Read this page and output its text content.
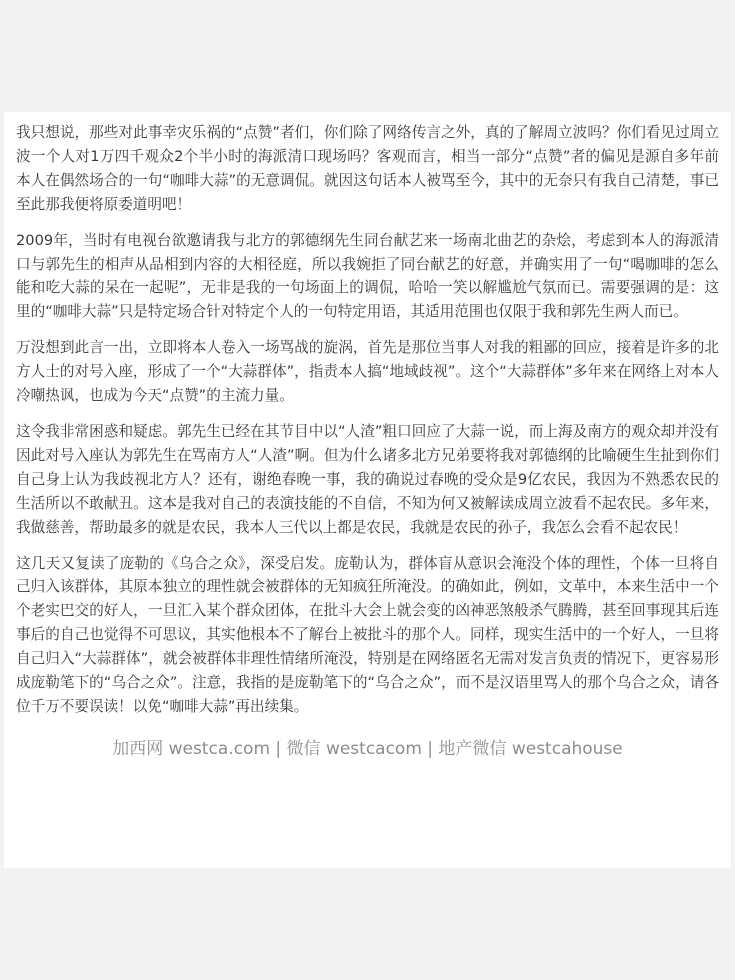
我只想说，那些对此事幸灾乐祸的“点赞”者们，你们除了网络传言之外，真的了解周立波吗？你们看见过周立波一个人对1万四千观众2个半小时的海派清口现场吗？客观而言，相当一部分“点赞”者的偏见是源自多年前本人在偶然场合的一句“咖啡大蒜”的无意调侃。就因这句话本人被骂至今，其中的无奈只有我自己清楚，事已至此那我便将原委道明吧！

2009年，当时有电视台欲邀请我与北方的郭德纲先生同台献艺来一场南北曲艺的杂烩，考虑到本人的海派清口与郭先生的相声从品相到内容的大相径庭，所以我婉拒了同台献艺的好意，并确实用了一句“喝咖啡的怎么能和吃大蒜的呆在一起呢”，无非是我的一句场面上的调侃，哈哈一笑以解尴尬气氛而已。需要强调的是：这里的“咖啡大蒜”只是特定场合针对特定个人的一句特定用语，其适用范围也仅限于我和郭先生两人而已。

万没想到此言一出，立即将本人卷入一场骂战的旋涡，首先是那位当事人对我的粗鄙的回应，接着是许多的北方人士的对号入座，形成了一个“大蒜群体”，指责本人搞“地域歧视”。这个“大蒜群体”多年来在网络上对本人冷嘲热讽，也成为今天“点赞”的主流力量。

这令我非常困惑和疑虑。郭先生已经在其节目中以“人渣”粗口回应了大蒜一说，而上海及南方的观众却并没有因此对号入座认为郭先生在骂南方人“人渣”啊。但为什么诸多北方兄弟要将我对郭德纲的比喻硬生生扯到你们自己身上认为我歧视北方人？还有，谢绝春晚一事，我的确说过春晚的受众是9亿农民，我因为不熟悉农民的生活所以不敢献丑。这本是我对自己的表演技能的不自信，不知为何又被解读成周立波看不起农民。多年来，我做慈善，帮助最多的就是农民，我本人三代以上都是农民，我就是农民的孙子，我怎么会看不起农民！

这几天又复读了庞勒的《乌合之众》，深受启发。庞勒认为，群体盲从意识会淹没个体的理性，个体一旦将自己归入该群体，其原本独立的理性就会被群体的无知疯狂所淹没。的确如此，例如，文革中，本来生活中一个个老实巴交的好人，一旦汇入某个群众团体，在批斗大会上就会变的凶神恶煞般杀气腾腾，甚至回事现其后连事后的自己也觉得不可思议，其实他根本不了解台上被批斗的那个人。同样，现实生活中的一个好人，一旦将自己归入“大蒜群体”，就会被群体非理性情绪所淹没，特别是在网络匿名无需对发言负责的情况下，更容易形成庞勒笔下的“乌合之众”。注意，我指的是庞勒笔下的“乌合之众”，而不是汉语里骂人的那个乌合之众，请各位千万不要误读！以免“咖啡大蒜”再出续集。

加西网 westca.com | 微信 westcacom | 地产微信 westcahouse
